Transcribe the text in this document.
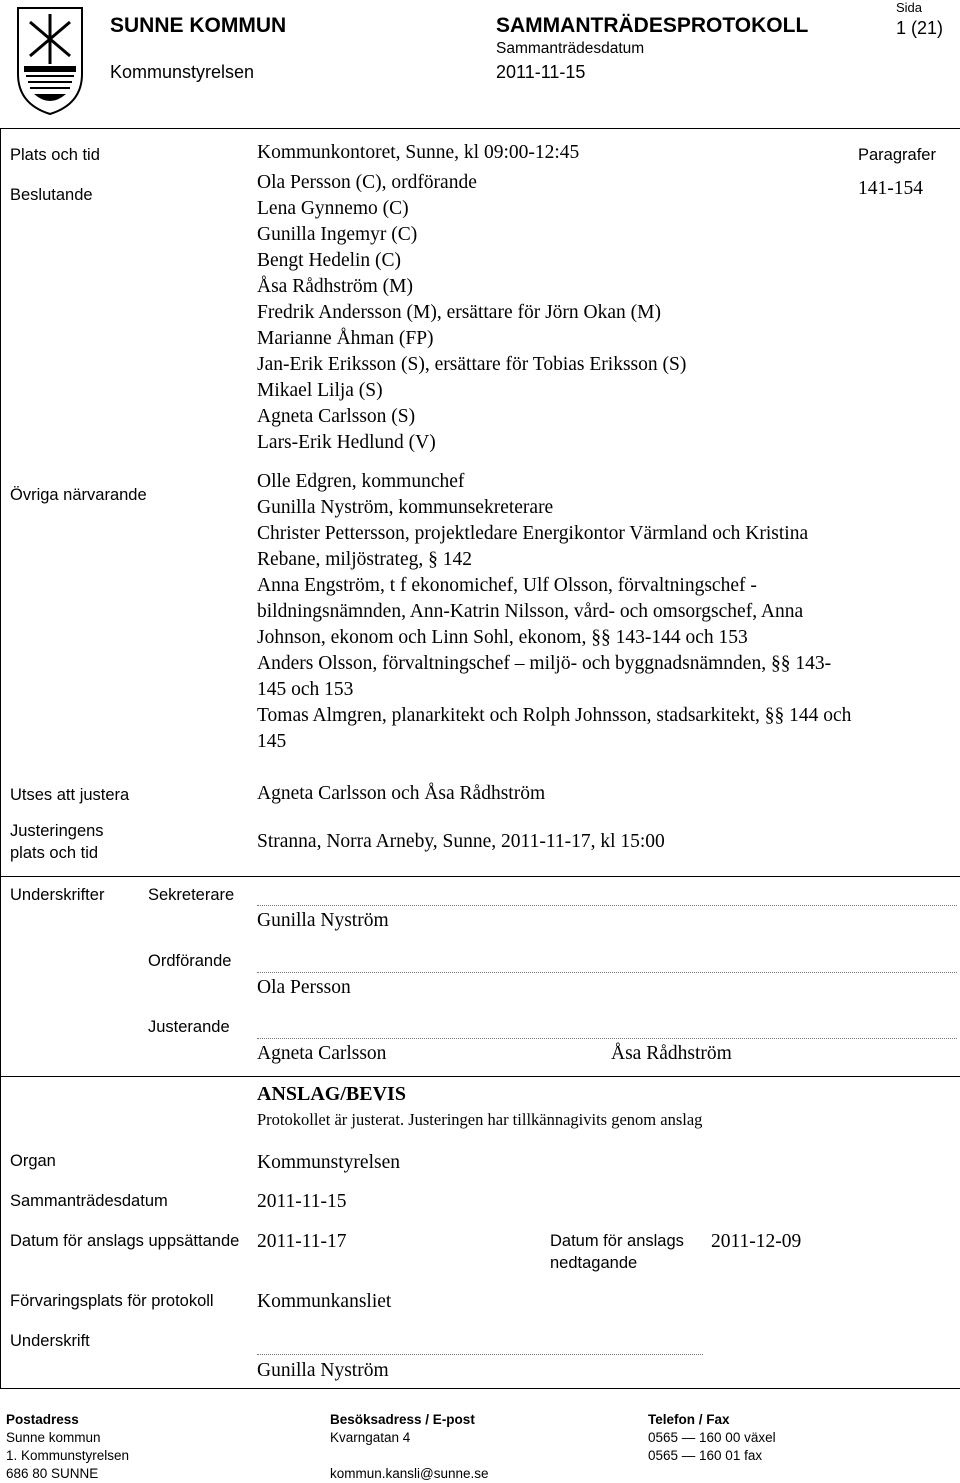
SUNNE KOMMUN
Kommunstyrelsen
SAMMANTRÄDESPROTOKOLL
Sammanträdesdatum
2011-11-15
Sida
1 (21)
Plats och tid	Kommunkontoret, Sunne, kl 09:00-12:45	Paragrafer
141-154
Beslutande
Ola Persson (C), ordförande
Lena Gynnemo (C)
Gunilla Ingemyr (C)
Bengt Hedelin (C)
Åsa Rådhström (M)
Fredrik Andersson (M), ersättare för Jörn Okan (M)
Marianne Åhman (FP)
Jan-Erik Eriksson (S), ersättare för Tobias Eriksson (S)
Mikael Lilja (S)
Agneta Carlsson (S)
Lars-Erik Hedlund (V)
Övriga närvarande
Olle Edgren, kommunchef
Gunilla Nyström, kommunsekreterare
Christer Pettersson, projektledare Energikontor Värmland och Kristina
Rebane, miljöstrateg, § 142
Anna Engström, t f ekonomichef, Ulf Olsson, förvaltningschef -
bildningsnämnden, Ann-Katrin Nilsson, vård- och omsorgschef, Anna
Johnson, ekonom och Linn Sohl, ekonom, §§ 143-144 och 153
Anders Olsson, förvaltningschef – miljö- och byggnadsnämnden, §§ 143-
145 och 153
Tomas Almgren, planarkitekt och Rolph Johnsson, stadsarkitekt, §§ 144 och
145
Utses att justera	Agneta Carlsson och Åsa Rådhström
Justeringens
plats och tid
Stranna, Norra Arneby, Sunne, 2011-11-17, kl 15:00
Underskrifter	Sekreterare
Gunilla Nyström
Ordförande
Ola Persson
Justerande
Agneta Carlsson	Åsa Rådhström
ANSLAG/BEVIS
Protokollet är justerat. Justeringen har tillkännagivits genom anslag
Organ	Kommunstyrelsen
Sammanträdesdatum	2011-11-15
Datum för anslags uppsättande 2011-11-17	Datum för anslags
nedtagande
2011-12-09
Förvaringsplats för protokoll Kommunkansliet
Underskrift
Gunilla Nyström
Postadress
Sunne kommun
1. Kommunstyrelsen
686 80 SUNNE
Besöksadress / E-post
Kvarngatan 4
kommun.kansli@sunne.se
Telefon / Fax
0565 — 160 00 växel
0565 — 160 01 fax
